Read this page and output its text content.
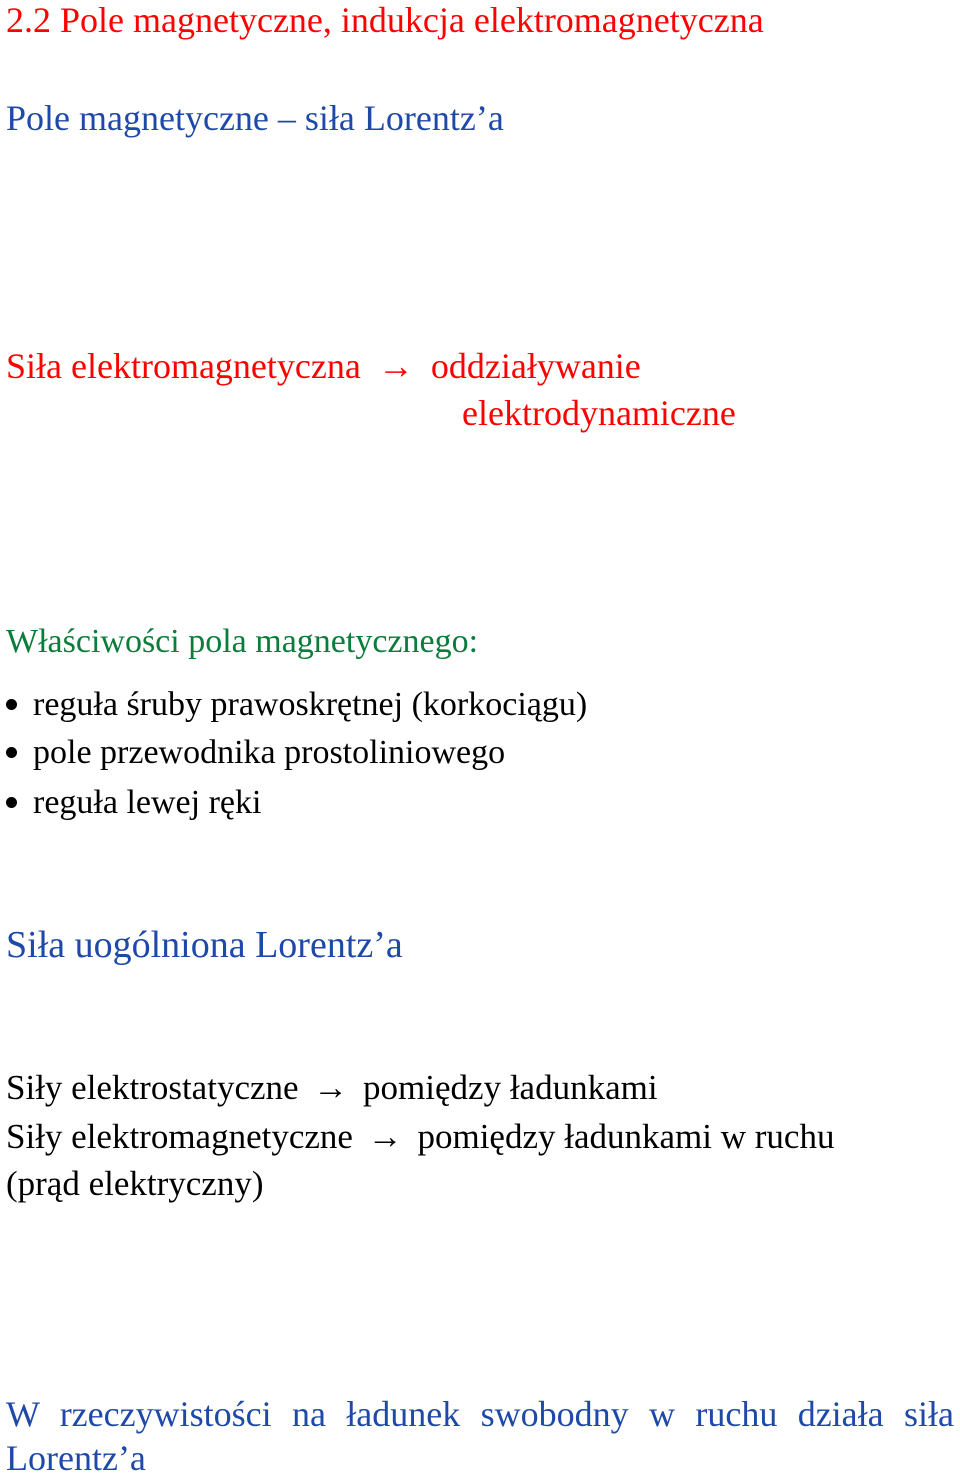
2.2 Pole magnetyczne, indukcja elektromagnetyczna
Pole magnetyczne – siła Lorentz’a
Siła elektromagnetyczna → oddziaływanie
elektrodynamiczne
Właściwości pola magnetycznego:
reguła śruby prawoskrętnej (korkociągu)
pole przewodnika prostoliniowego
reguła lewej ręki
Siła uogólniona Lorentz’a
Siły elektrostatyczne → pomiędzy ładunkami
Siły elektromagnetyczne → pomiędzy ładunkami w ruchu
(prąd elektryczny)
W rzeczywistości na ładunek swobodny w ruchu działa siła Lorentz’a
